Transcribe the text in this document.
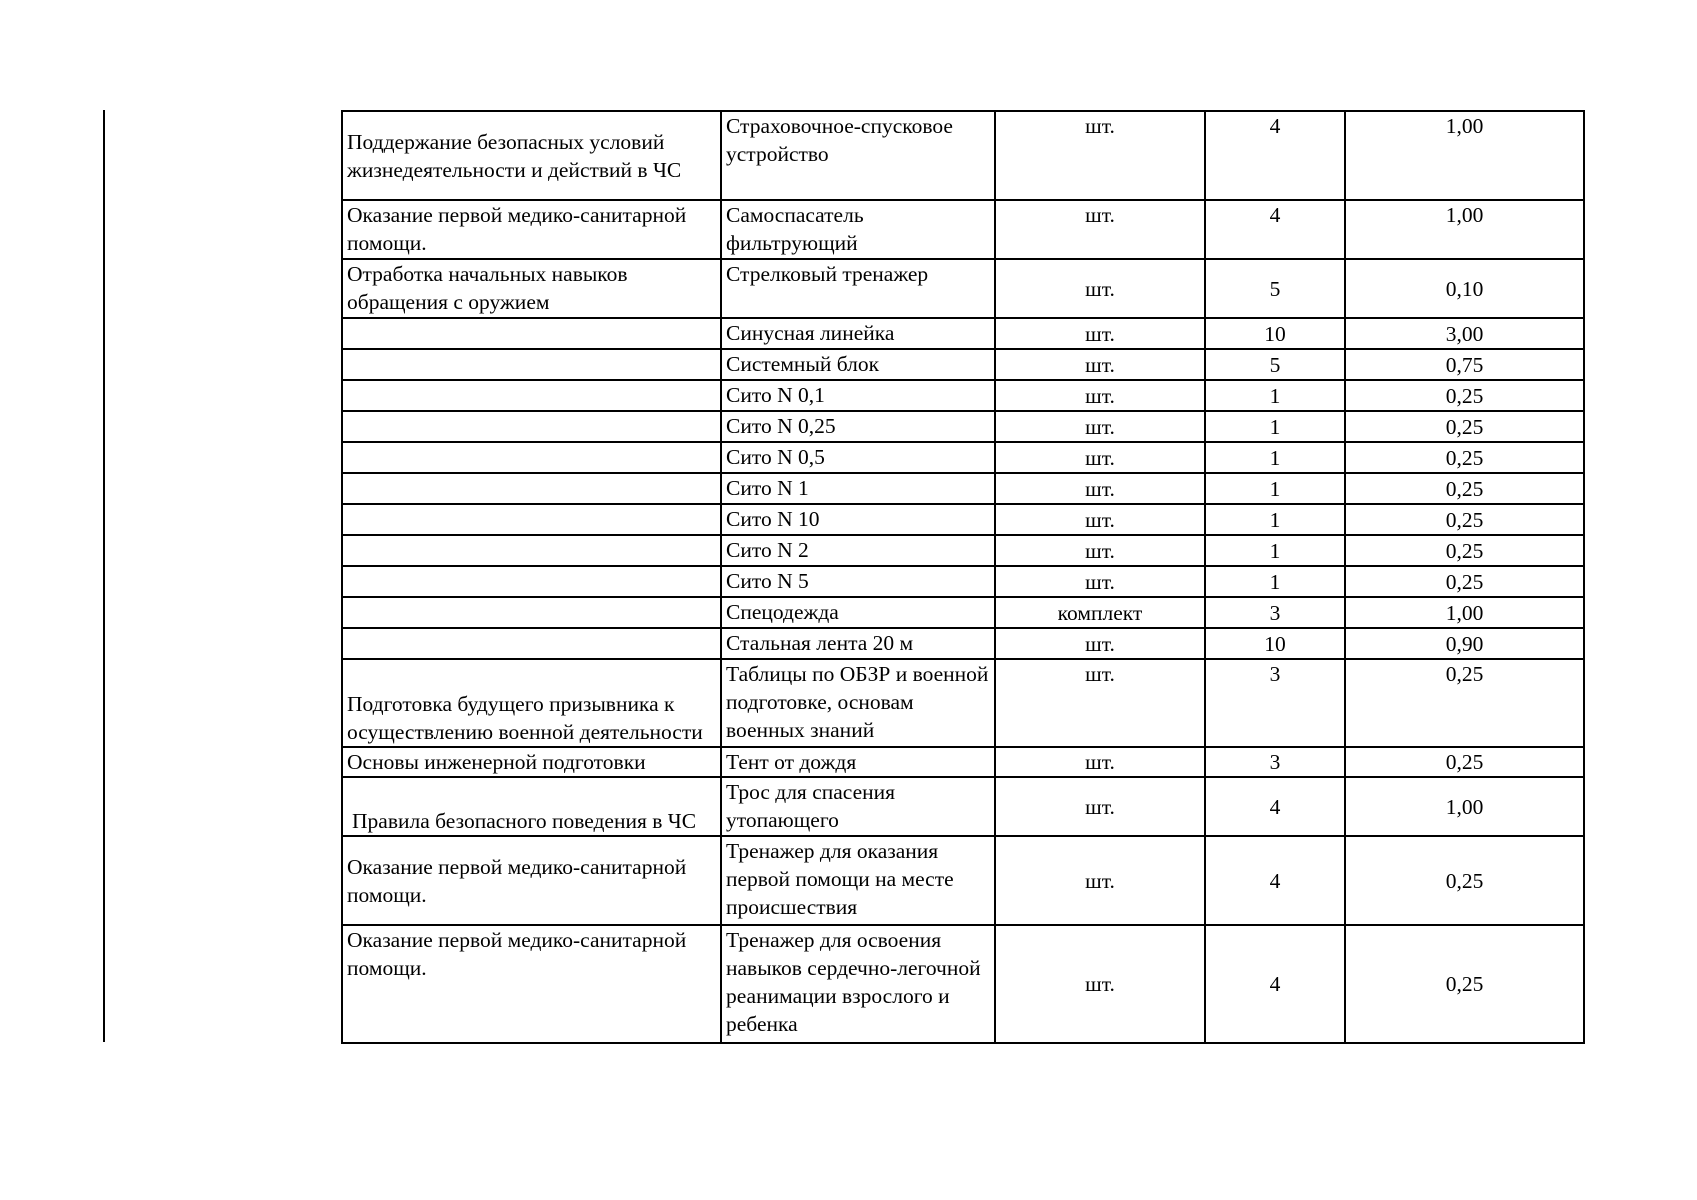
Поддержание безопасных условий жизнедеятельности и действий в ЧС	Страховочное-спусковое устройство	шт.	4	1,00
Оказание первой медико-санитарной помощи.	Самоспасатель фильтрующий	шт.	4	1,00
Отработка начальных навыков обращения с оружием	Стрелковый тренажер	шт.	5	0,10
	Синусная линейка	шт.	10	3,00
	Системный блок	шт.	5	0,75
	Сито N 0,1	шт.	1	0,25
	Сито N 0,25	шт.	1	0,25
	Сито N 0,5	шт.	1	0,25
	Сито N 1	шт.	1	0,25
	Сито N 10	шт.	1	0,25
	Сито N 2	шт.	1	0,25
	Сито N 5	шт.	1	0,25
	Спецодежда	комплект	3	1,00
	Стальная лента 20 м	шт.	10	0,90
Подготовка будущего призывника к осуществлению военной деятельности	Таблицы по ОБЗР и военной подготовке, основам военных знаний	шт.	3	0,25
Основы инженерной подготовки	Тент от дождя	шт.	3	0,25
Правила безопасного поведения в ЧС	Трос для спасения утопающего	шт.	4	1,00
Оказание первой медико-санитарной помощи.	Тренажер для оказания первой помощи на месте происшествия	шт.	4	0,25
Оказание первой медико-санитарной помощи.	Тренажер для освоения навыков сердечно-легочной реанимации взрослого и ребенка	шт.	4	0,25
